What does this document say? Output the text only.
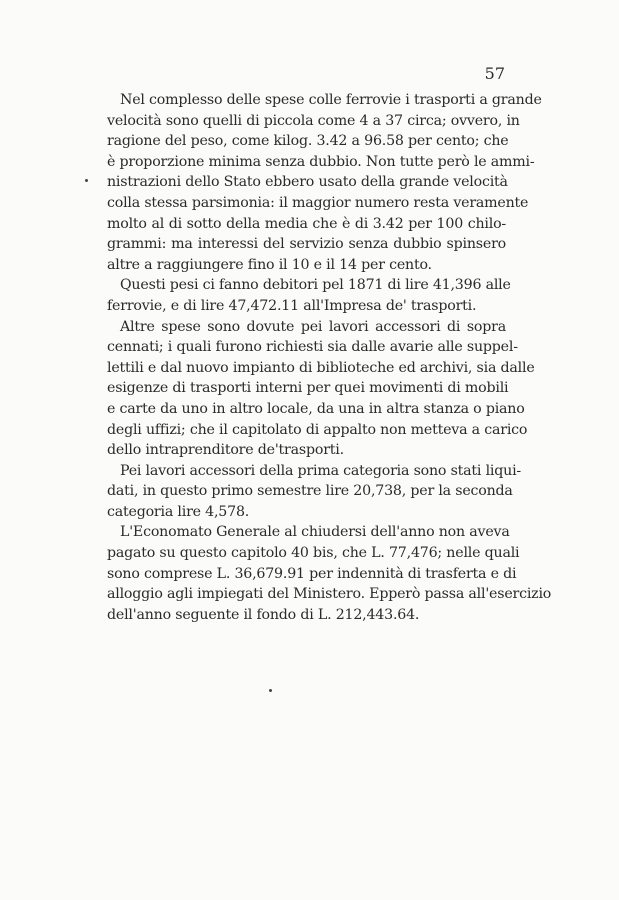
57
Nel complesso delle spese colle ferrovie i trasporti a grande
velocità sono quelli di piccola come 4 a 37 circa; ovvero, in
ragione del peso, come kilog. 3.42 a 96.58 per cento; che
è proporzione minima senza dubbio. Non tutte però le ammi-
nistrazioni dello Stato ebbero usato della grande velocità
colla stessa parsimonia: il maggior numero resta veramente
molto al di sotto della media che è di 3.42 per 100 chilo-
grammi: ma interessi del servizio senza dubbio spinsero
altre a raggiungere fino il 10 e il 14 per cento.
Questi pesi ci fanno debitori pel 1871 di lire 41,396 alle
ferrovie, e di lire 47,472.11 all'Impresa de' trasporti.
Altre spese sono dovute pei lavori accessori di sopra
cennati; i quali furono richiesti sia dalle avarie alle suppel-
lettili e dal nuovo impianto di biblioteche ed archivi, sia dalle
esigenze di trasporti interni per quei movimenti di mobili
e carte da uno in altro locale, da una in altra stanza o piano
degli uffizi; che il capitolato di appalto non metteva a carico
dello intraprenditore de'trasporti.
Pei lavori accessori della prima categoria sono stati liqui-
dati, in questo primo semestre lire 20,738, per la seconda
categoria lire 4,578.
L'Economato Generale al chiudersi dell'anno non aveva
pagato su questo capitolo 40 bis, che L. 77,476; nelle quali
sono comprese L. 36,679.91 per indennità di trasferta e di
alloggio agli impiegati del Ministero. Epperò passa all'esercizio
dell'anno seguente il fondo di L. 212,443.64.
